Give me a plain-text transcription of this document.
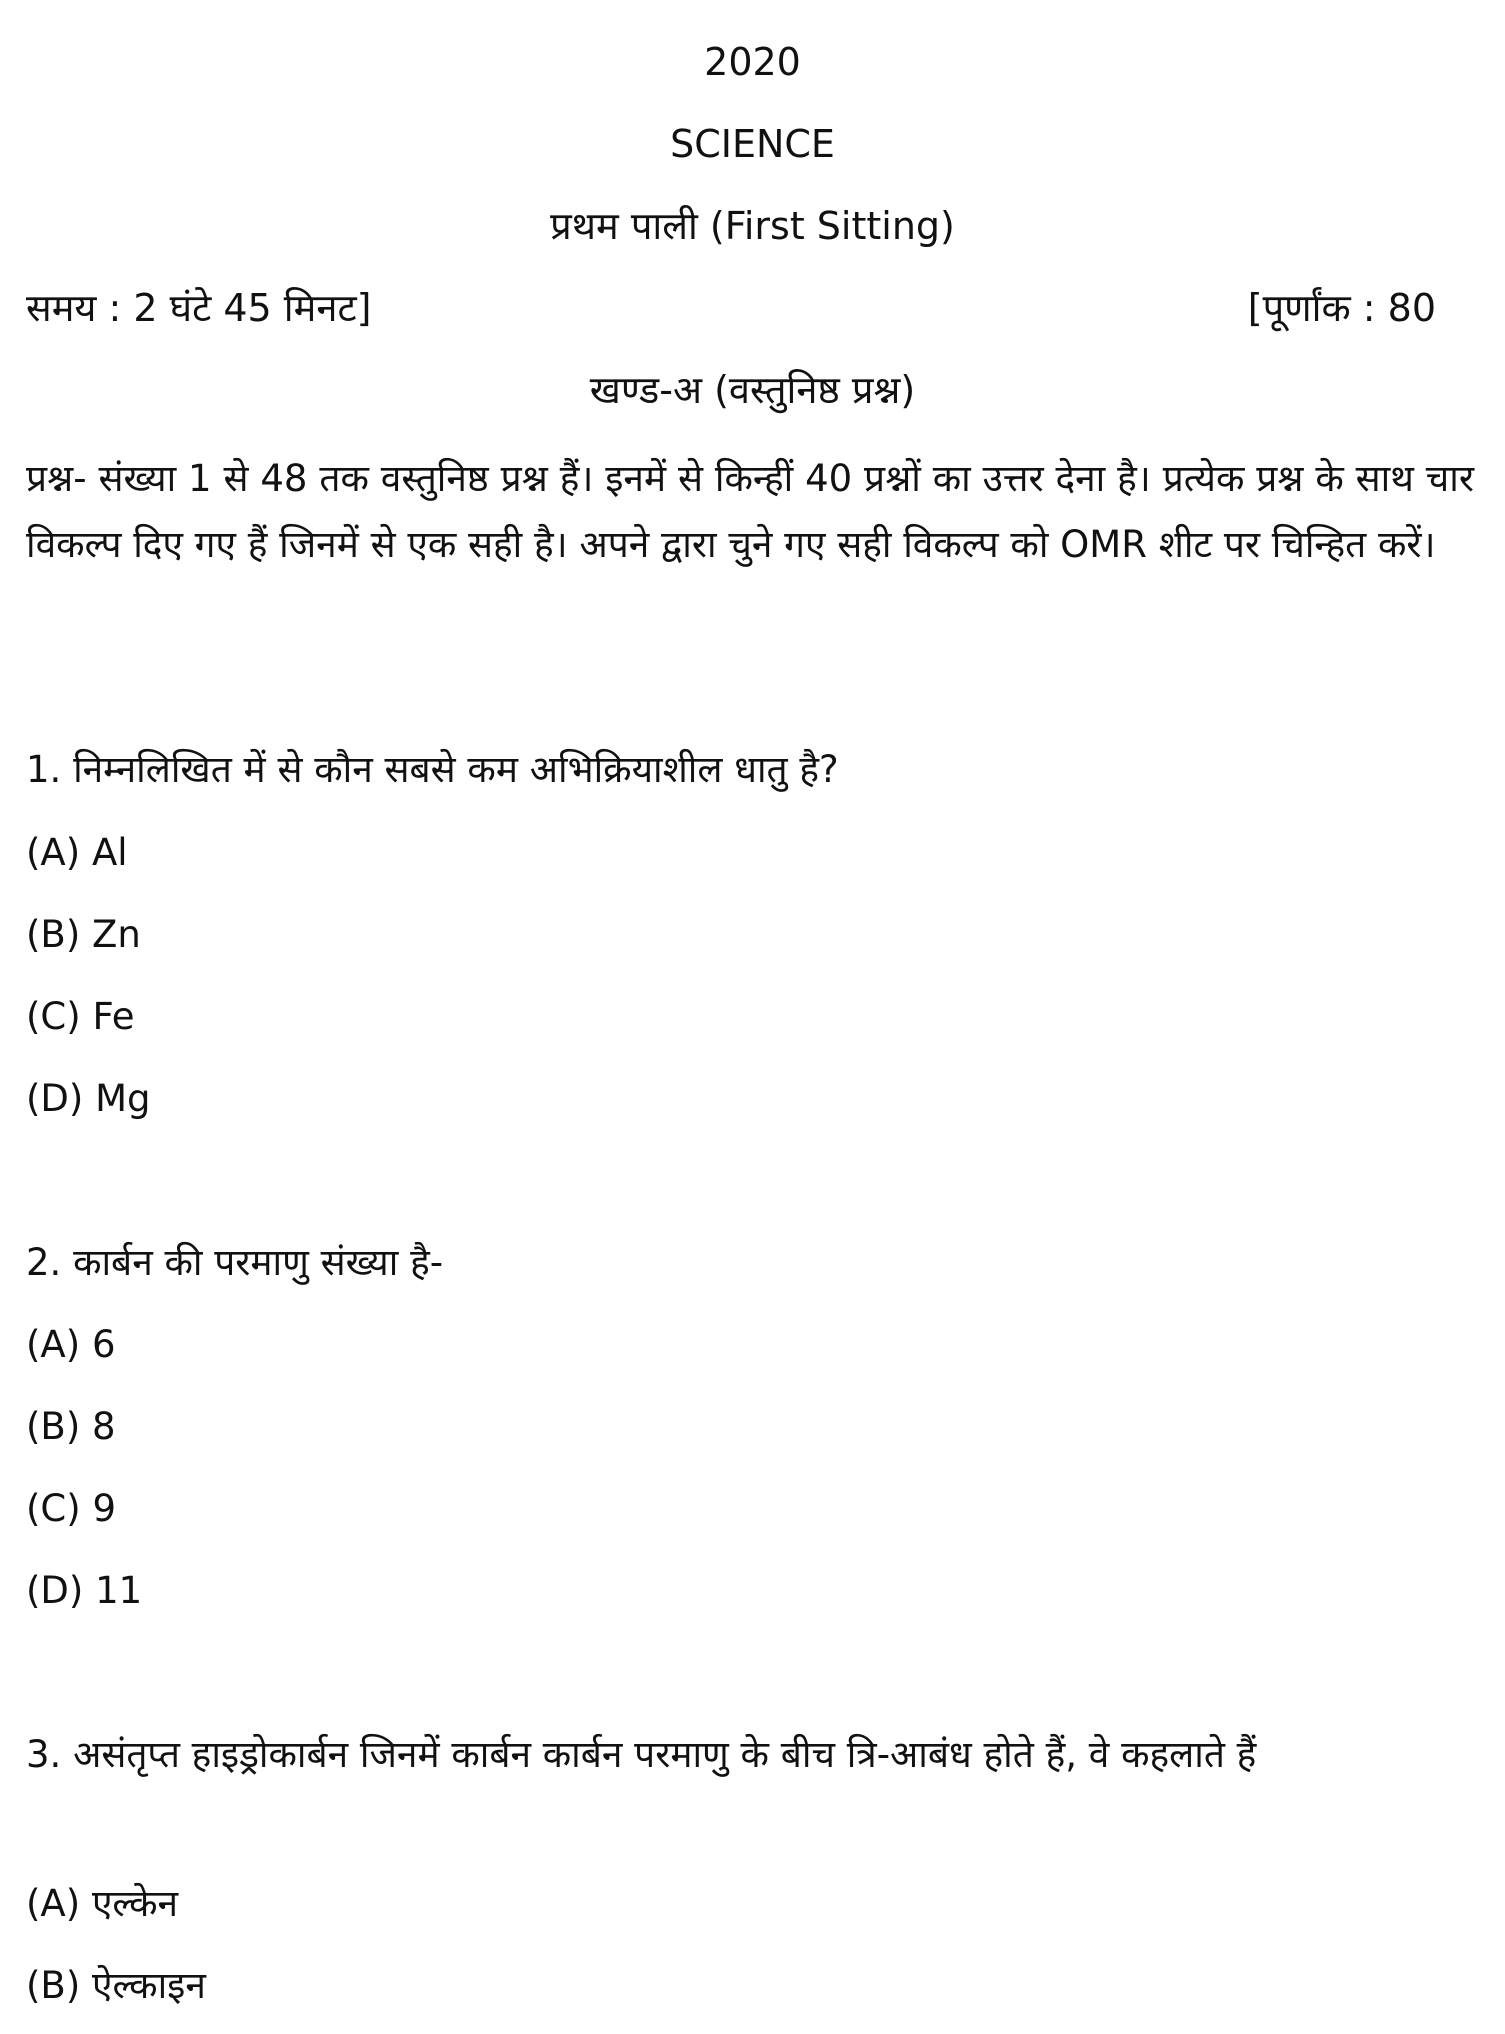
2020
SCIENCE
प्रथम पाली (First Sitting)
समय : 2 घंटे 45 मिनट]	[पूर्णांक : 80
खण्ड-अ (वस्तुनिष्ठ प्रश्न)
प्रश्न- संख्या 1 से 48 तक वस्तुनिष्ठ प्रश्न हैं। इनमें से किन्हीं 40 प्रश्नों का उत्तर देना है। प्रत्येक प्रश्न के साथ चार विकल्प दिए गए हैं जिनमें से एक सही है। अपने द्वारा चुने गए सही विकल्प को OMR शीट पर चिन्हित करें।
1. निम्नलिखित में से कौन सबसे कम अभिक्रियाशील धातु है?
(A) Al
(B) Zn
(C) Fe
(D) Mg
2. कार्बन की परमाणु संख्या है-
(A) 6
(B) 8
(C) 9
(D) 11
3. असंतृप्त हाइड्रोकार्बन जिनमें कार्बन कार्बन परमाणु के बीच त्रि-आबंध होते हैं, वे कहलाते हैं
(A) एल्केन
(B) ऐल्काइन
